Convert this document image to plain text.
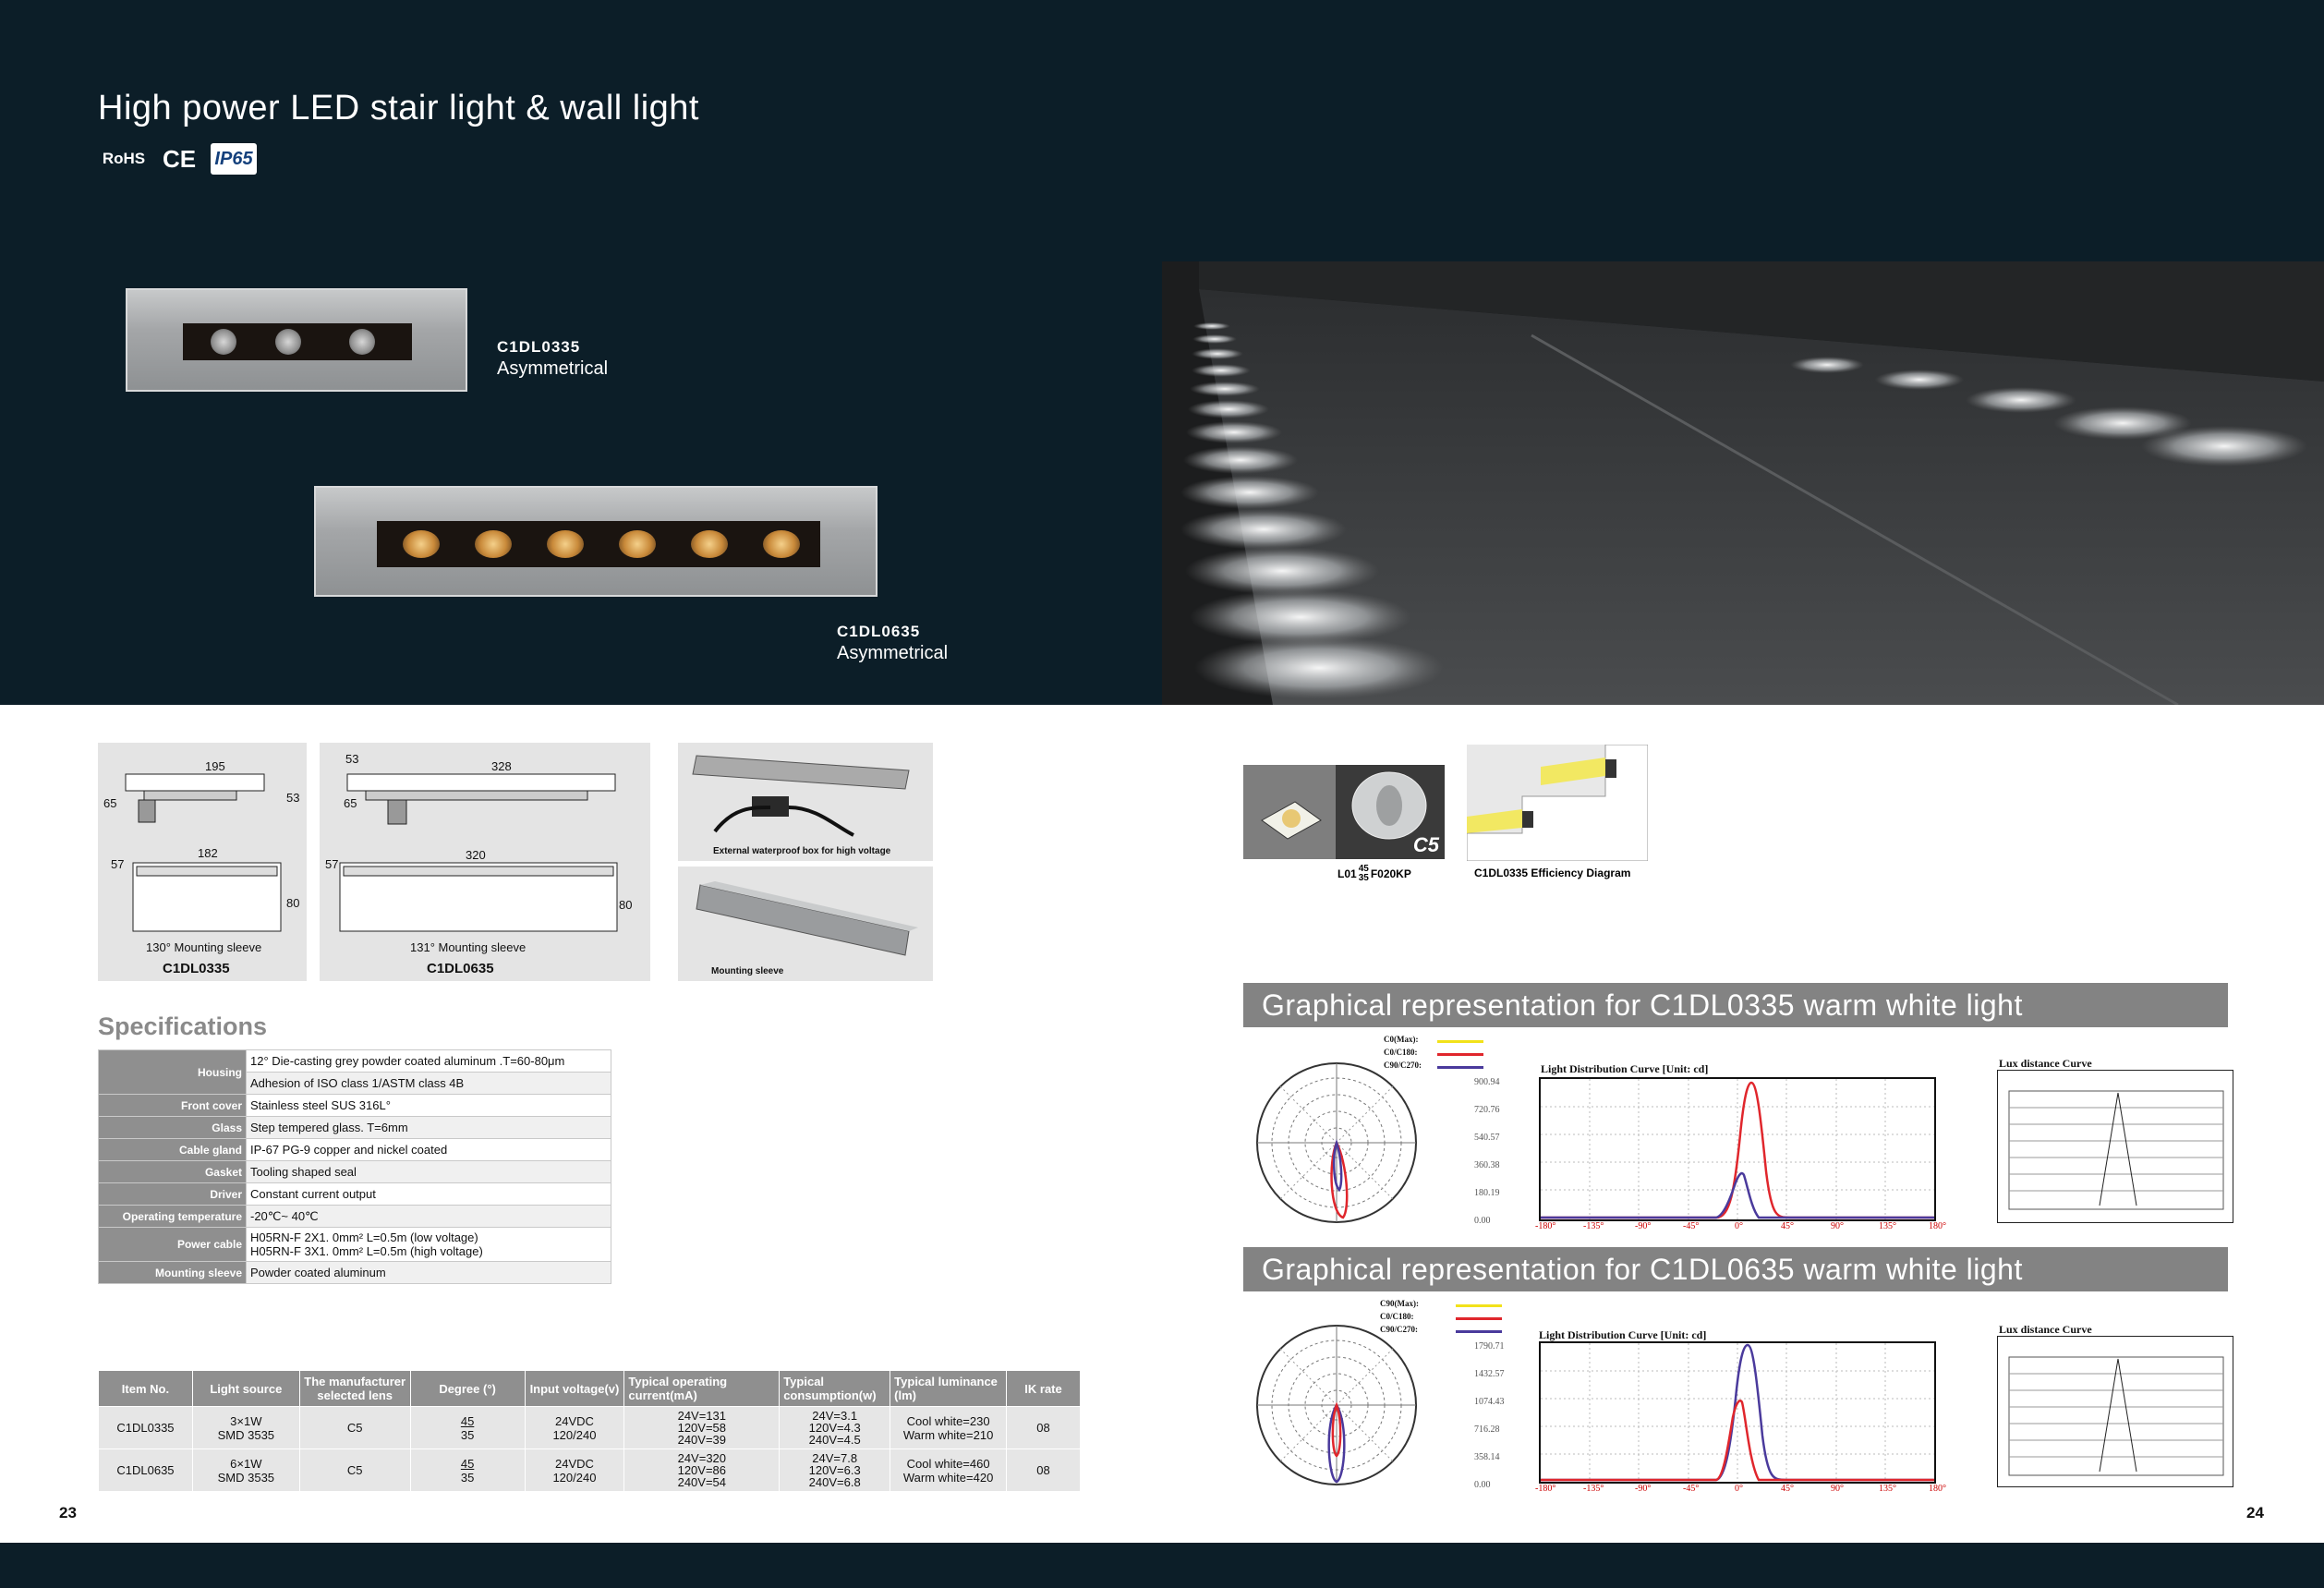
High power LED stair light & wall light
RoHS CE IP65
C1DL0335
Asymmetrical
C1DL0635
Asymmetrical
195
65	53
182
57
80
130° Mounting sleeve
C1DL0335
328
65
53
320
57
80
131° Mounting sleeve
C1DL0635
External waterproof box for high voltage
Mounting sleeve
Specifications
Housing	12° Die-casting grey powder coated aluminum .T=60-80μm
	Adhesion of ISO class 1/ASTM class 4B
Front cover	Stainless steel SUS 316L°
Glass	Step tempered glass. T=6mm
Cable gland	IP-67 PG-9 copper and nickel coated
Gasket	Tooling shaped seal
Driver	Constant current output
Operating temperature	-20℃~ 40℃
Power cable	H05RN-F 2X1. 0mm² L=0.5m (low voltage)
H05RN-F 3X1. 0mm² L=0.5m (high voltage)
Mounting sleeve	Powder coated aluminum
Item No.	Light source	The manufacturer selected lens	Degree (°)	Input voltage(v)	Typical operating current(mA)	Typical consumption(w)	Typical luminance (lm)	IK rate
C1DL0335	3×1W
SMD 3535	C5	45
35	24VDC
120/240	24V=131
120V=58
240V=39	24V=3.1
120V=4.3
240V=4.5	Cool white=230
Warm white=210	08
C1DL0635	6×1W
SMD 3535	C5	45
35	24VDC
120/240	24V=320
120V=86
240V=54	24V=7.8
120V=6.3
240V=6.8	Cool white=460
Warm white=420	08
23	24
C5
L01 45
35 F020KP	C1DL0335 Efficiency Diagram
Graphical representation for C1DL0335 warm white light
C0(Max):
C0/C180:
C90/C270:	Light Distribution Curve [Unit: cd]
900.94
720.76
540.57
360.38
180.19
0.00
-180°	-135°	-90°	-45°	0°	45°	90°	135°	180°
Lux distance Curve
Graphical representation for C1DL0635 warm white light
C90(Max):
C0/C180:
C90/C270:	Light Distribution Curve [Unit: cd]
1790.71
1432.57
1074.43
716.28
358.14
0.00	-180°	-135°	-90°	-45°	0°	45°	90°	135°	180°
Lux distance Curve
